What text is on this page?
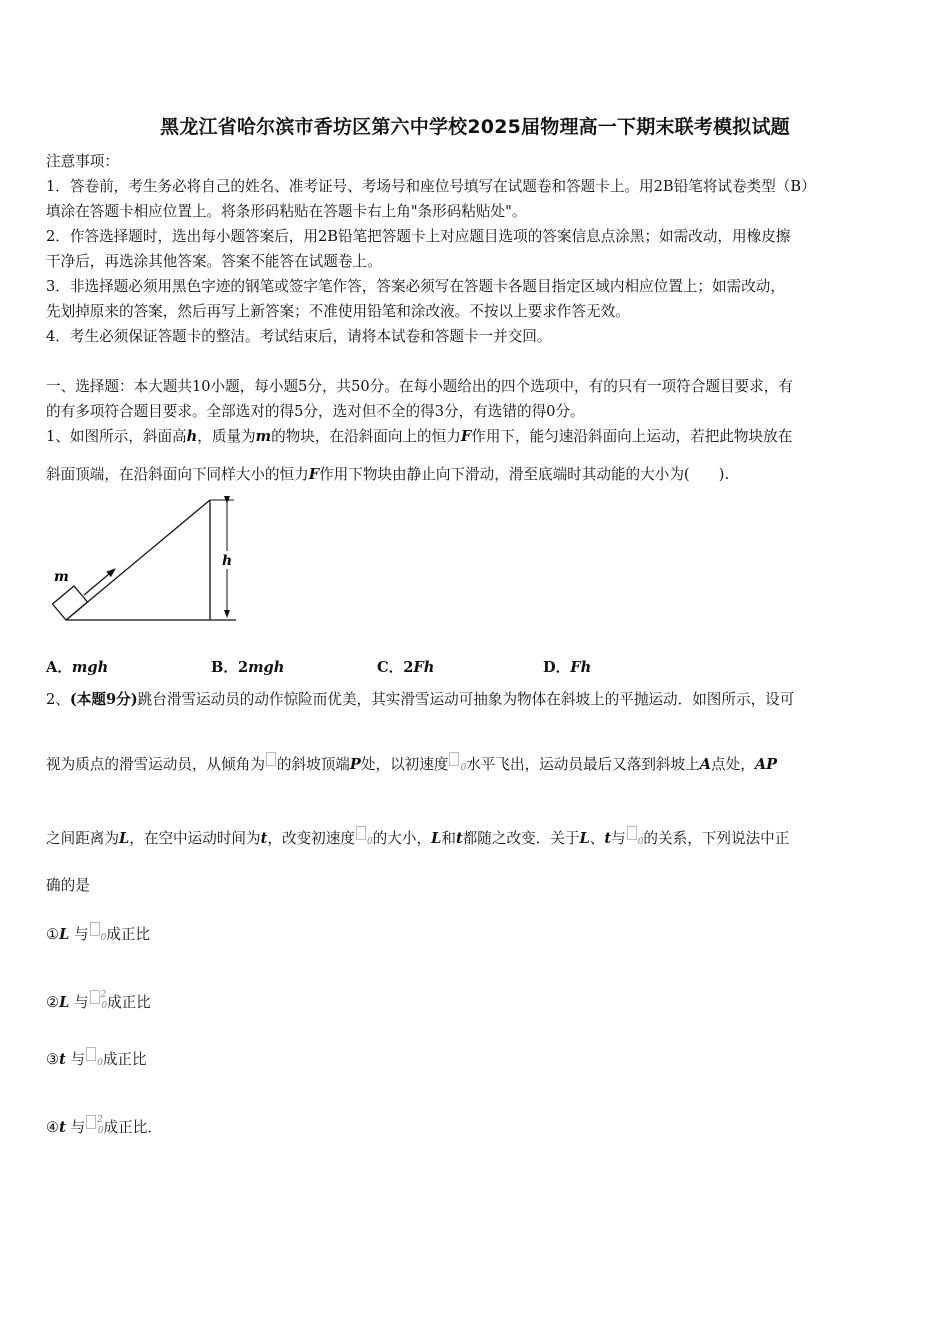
黑龙江省哈尔滨市香坊区第六中学校2025届物理高一下期末联考模拟试题
注意事项：
1．答卷前，考生务必将自己的姓名、准考证号、考场号和座位号填写在试题卷和答题卡上。用2B铅笔将试卷类型（B）
填涂在答题卡相应位置上。将条形码粘贴在答题卡右上角"条形码粘贴处"。
2．作答选择题时，选出每小题答案后，用2B铅笔把答题卡上对应题目选项的答案信息点涂黑；如需改动，用橡皮擦
干净后，再选涂其他答案。答案不能答在试题卷上。
3．非选择题必须用黑色字迹的钢笔或签字笔作答，答案必须写在答题卡各题目指定区域内相应位置上；如需改动，
先划掉原来的答案，然后再写上新答案；不准使用铅笔和涂改液。不按以上要求作答无效。
4．考生必须保证答题卡的整洁。考试结束后，请将本试卷和答题卡一并交回。
一、选择题：本大题共10小题，每小题5分，共50分。在每小题给出的四个选项中，有的只有一项符合题目要求，有
的有多项符合题目要求。全部选对的得5分，选对但不全的得3分，有选错的得0分。
1、如图所示，斜面高h，质量为m的物块，在沿斜面向上的恒力F作用下，能匀速沿斜面向上运动，若把此物块放在
斜面顶端，在沿斜面向下同样大小的恒力F作用下物块由静止向下滑动，滑至底端时其动能的大小为(　　).
h
m
A．mgh	B．2mgh	C．2Fh	D．Fh
2、(本题9分)跳台滑雪运动员的动作惊险而优美，其实滑雪运动可抽象为物体在斜坡上的平抛运动．如图所示，设可
视为质点的滑雪运动员，从倾角为 的斜坡顶端P处，以初速度 0水平飞出，运动员最后又落到斜坡上A点处，AP
之间距离为L，在空中运动时间为t，改变初速度 0的大小，L和t都随之改变．关于L、t与 0的关系，下列说法中正
确的是
①L 与 0成正比
②L 与 $^2$0成正比
③t 与 0成正比
④t 与 $^2$0成正比．
